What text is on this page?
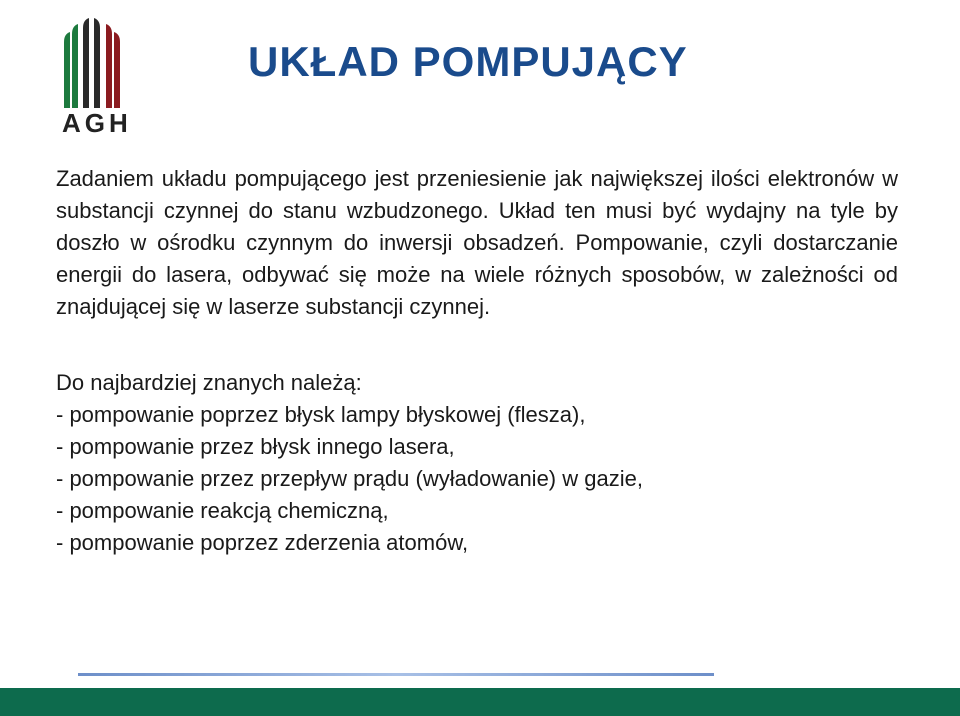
AGH
UKŁAD POMPUJĄCY

Zadaniem układu pompującego jest przeniesienie jak największej ilości elektronów w substancji czynnej do stanu wzbudzonego. Układ ten musi być wydajny na tyle by doszło w ośrodku czynnym do inwersji obsadzeń. Pompowanie, czyli dostarczanie energii do lasera, odbywać się może na wiele różnych sposobów, w zależności od znajdującej się w laserze substancji czynnej.

Do najbardziej znanych należą:

- pompowanie poprzez błysk lampy błyskowej (flesza),
- pompowanie przez błysk innego lasera,
- pompowanie przez przepływ prądu (wyładowanie) w gazie,
- pompowanie reakcją chemiczną,
- pompowanie poprzez zderzenia atomów,
